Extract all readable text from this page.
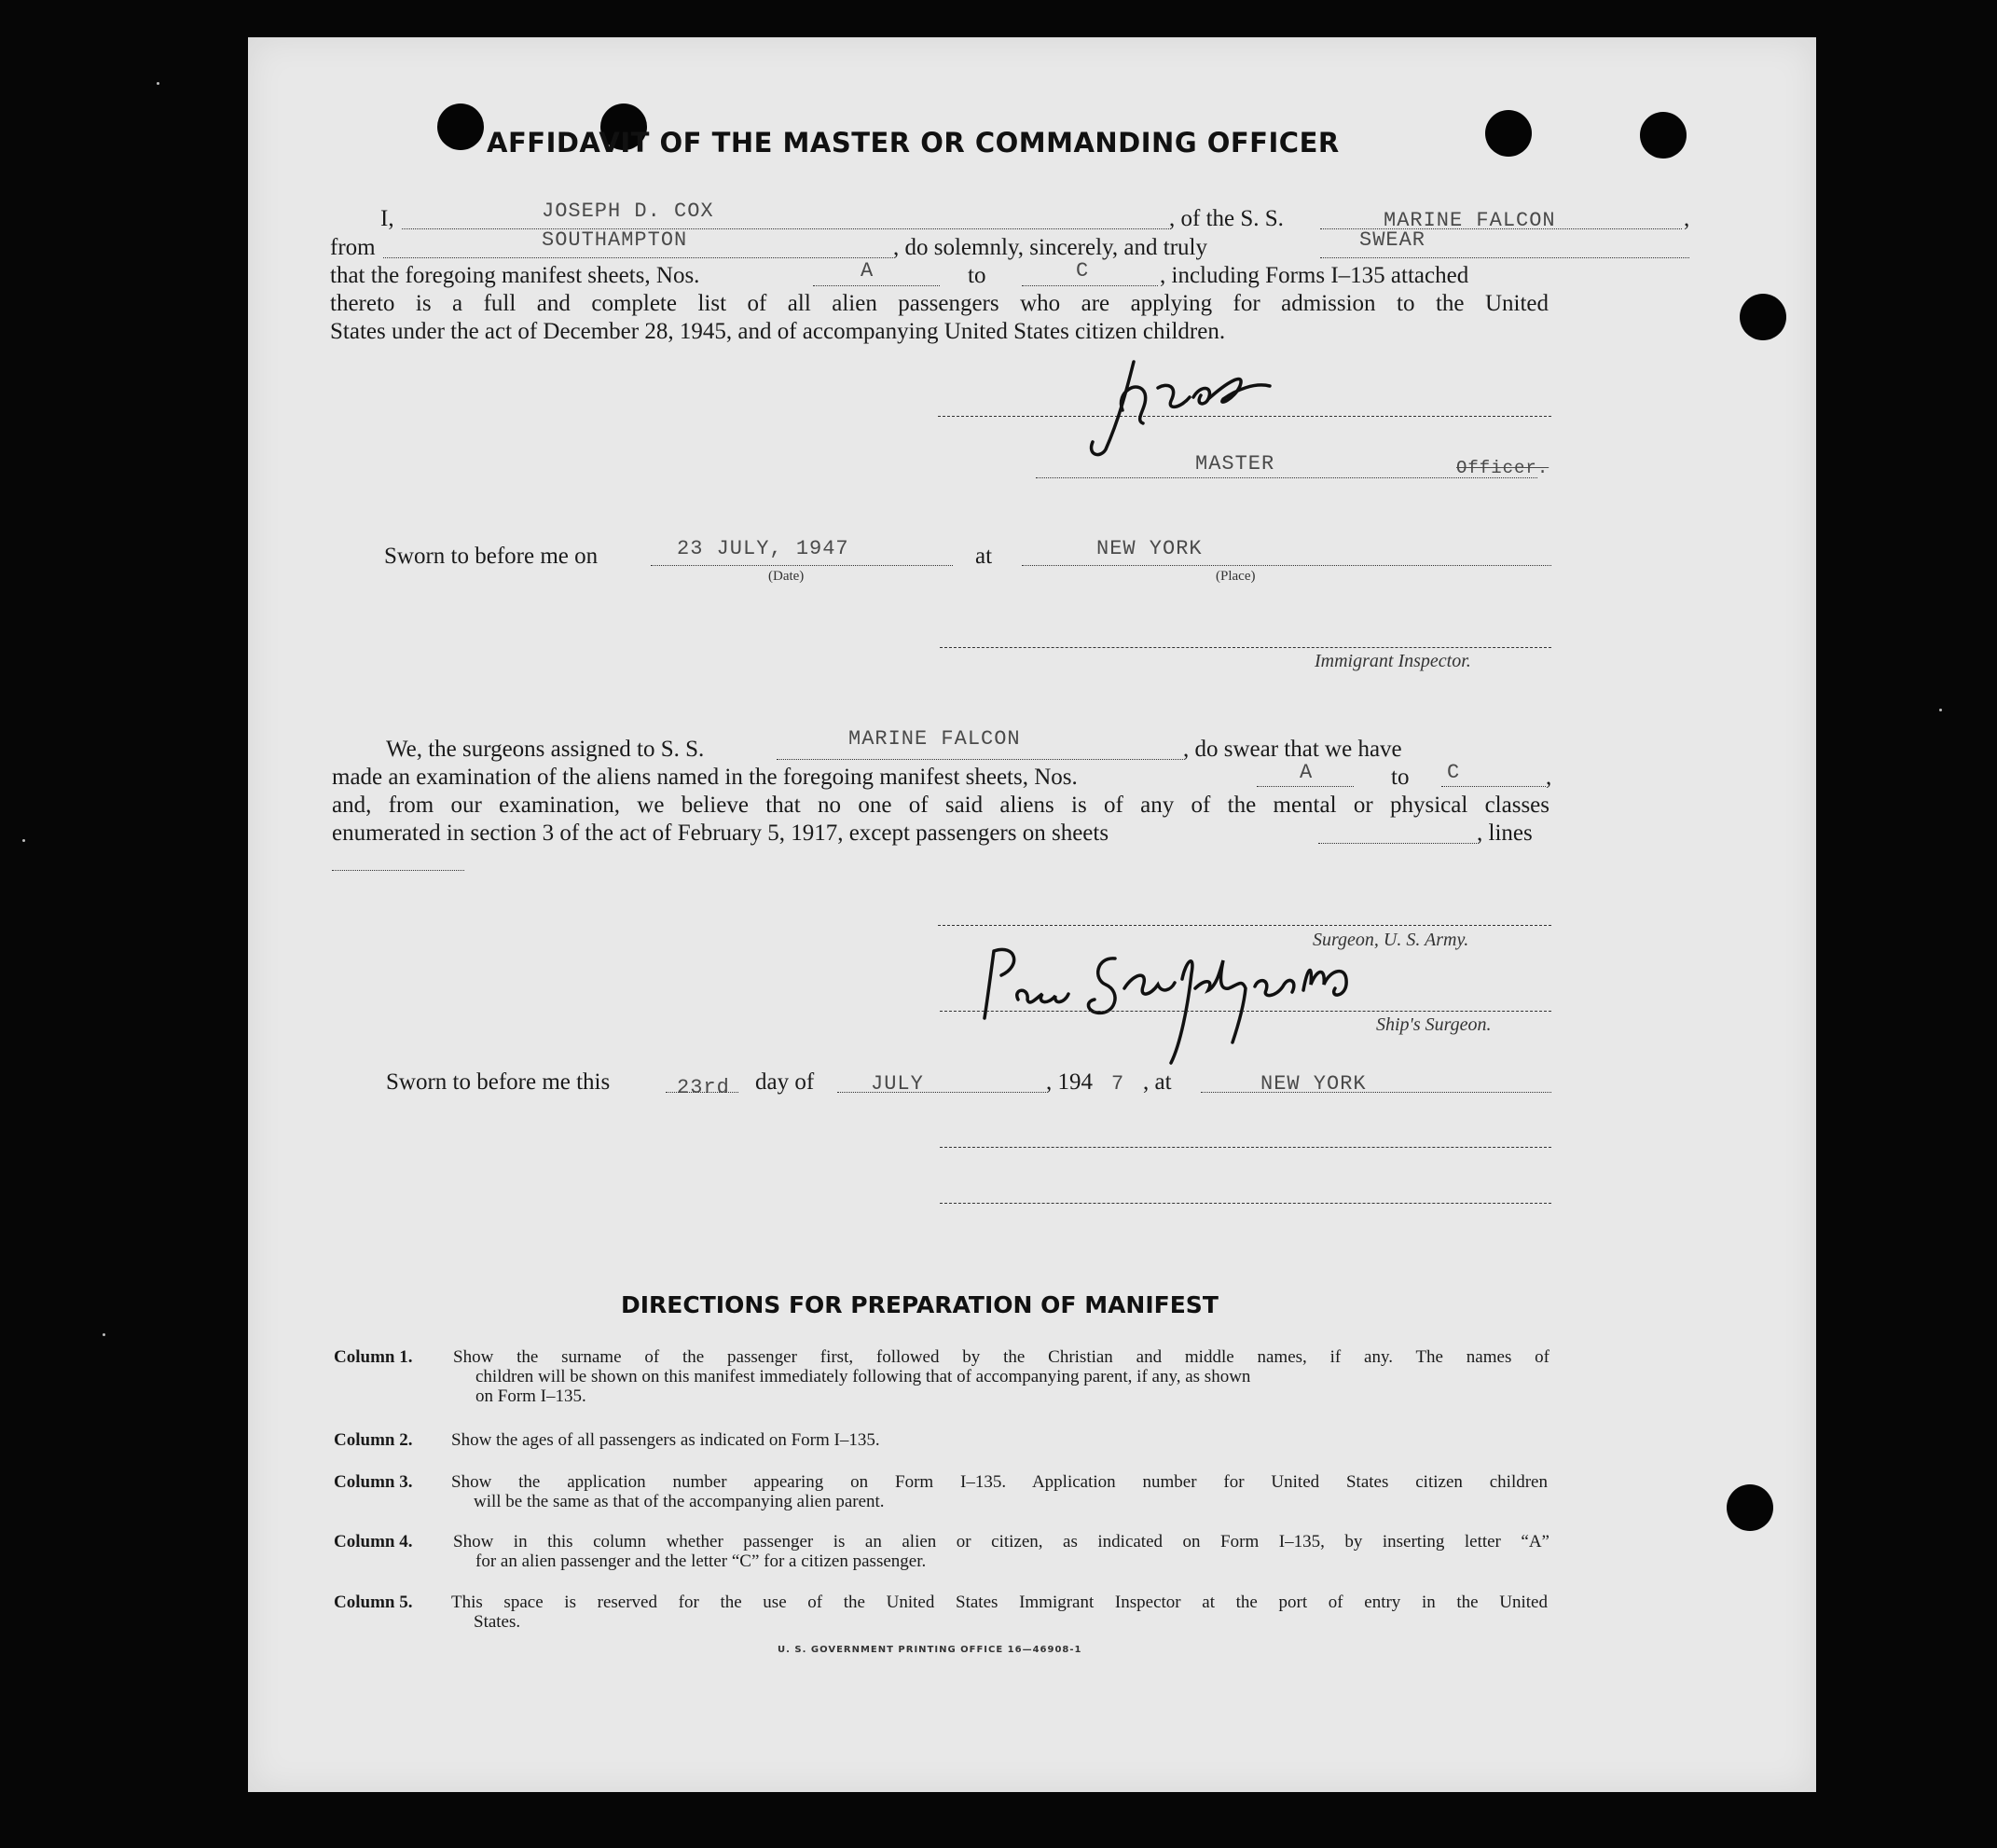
AFFIDAVIT OF THE MASTER OR COMMANDING OFFICER
I,	JOSEPH D. COX	, of the S. S.	MARINE FALCON	,
from	SOUTHAMPTON	, do solemnly, sincerely, and truly	SWEAR
that the foregoing manifest sheets, Nos.	A	to	C	, including Forms I–135 attached
thereto is a full and complete list of all alien passengers who are applying for admission to the United
States under the act of December 28, 1945, and of accompanying United States citizen children.
MASTER	Officer.
Sworn to before me on	23 JULY, 1947
(Date)
at	NEW YORK
(Place)
Immigrant Inspector.
We, the surgeons assigned to S. S.	MARINE FALCON	, do swear that we have
made an examination of the aliens named in the foregoing manifest sheets, Nos.	A	to C	,
and, from our examination, we believe that no one of said aliens is of any of the mental or physical classes
enumerated in section 3 of the act of February 5, 1917, except passengers on sheets	, lines
Surgeon, U. S. Army.
Ship's Surgeon.
Sworn to before me this	23rd day of	JULY	, 194 7 , at	NEW YORK
DIRECTIONS FOR PREPARATION OF MANIFEST
Column 1. Show the surname of the passenger first, followed by the Christian and middle names, if any. The names of
children will be shown on this manifest immediately following that of accompanying parent, if any, as shown
on Form I–135.
Column 2. Show the ages of all passengers as indicated on Form I–135.
Column 3. Show the application number appearing on Form I–135. Application number for United States citizen children
will be the same as that of the accompanying alien parent.
Column 4. Show in this column whether passenger is an alien or citizen, as indicated on Form I–135, by inserting letter “A”
for an alien passenger and the letter “C” for a citizen passenger.
Column 5. This space is reserved for the use of the United States Immigrant Inspector at the port of entry in the United
States.
U. S. GOVERNMENT PRINTING OFFICE 16—46908-1
